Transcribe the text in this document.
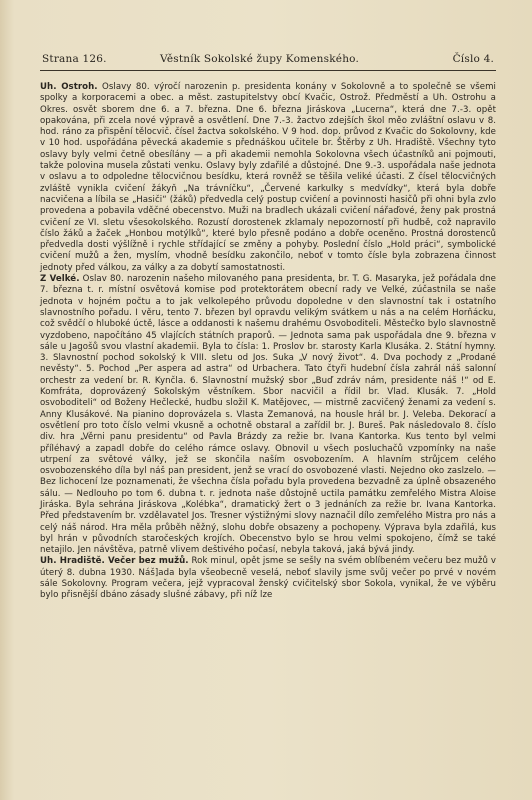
Strana 126.	Věstník Sokolské župy Komenského.	Číslo 4.

Uh. Ostroh. Oslavy 80. výročí narozenin p. presidenta konány v Sokolovně a to společně se všemi spolky a korporacemi a obec. a měst. zastupitelstvy obcí Kvačic, Ostrož. Předměstí a Uh. Ostrohu a Okres. osvět sborem dne 6. a 7. března. Dne 6. března Jiráskova „Lucerna“, která dne 7.-3. opět opakována, při zcela nové výpravě a osvětlení. Dne 7.-3. žactvo zdejších škol měo zvláštní oslavu v 8. hod. ráno za přispění tělocvič. čísel žactva sokolského. V 9 hod. dop. průvod z Kvačic do Sokolovny, kde v 10 hod. uspořádána pěvecká akademie s přednáškou učitele br. Štěrby z Uh. Hradiště. Všechny tyto oslavy byly velmi četně obesílány — a při akademii nemohla Sokolovna všech účastníků ani pojmouti, takže polovina musela zůstati venku. Oslavy byly zdařilé a důstojné. Dne 9.-3. uspořádala naše jednota v oslavu a to odpoledne tělocvičnou besídku, která rovněž se těšila veliké účasti. Z čísel tělocvičných zvláště vynikla cvičení žákyň „Na trávníčku“, „Červené karkulky s medvídky“, která byla dobře nacvičena a líbila se „Hasiči“ (žáků) předvedla celý postup cvičení a povinnosti hasičů při ohni byla zvlo provedena a pobavila vděčné obecenstvo. Muži na bradlech ukázali cvičení nářaďové, ženy pak prostná cvičení ze VI. sletu všesokolského. Rozustí dorostenek zklamaly nepozorností při hudbě, což napravilo číslo žáků a žaček „Honbou motýlků“, které bylo přesně podáno a dobře oceněno. Prostná dorostenců předvedla dosti výšlížně i rychle střídající se změny a pohyby. Poslední číslo „Hold práci“, symbolické cvičení mužů a žen, myslím, vhodně besídku zakončilo, neboť v tomto čísle byla zobrazena činnost jednoty před válkou, za války a za dobytí samostatnosti.

Z Velké. Oslav 80. narozenin našeho milovaného pana presidenta, br. T. G. Masaryka, jež pořádala dne 7. března t. r. místní osvětová komise pod protektorátem obecní rady ve Velké, zúčastnila se naše jednota v hojném počtu a to jak velkolepého průvodu dopoledne v den slavnostní tak i ostatního slavnostního pořadu. I věru, tento 7. březen byl opravdu velikým svátkem u nás a na celém Horňácku, což svědčí o hluboké úctě, lásce a oddanosti k našemu drahému Osvoboditeli. Městečko bylo slavnostně vyzdobeno, napočítáno 45 vlajících státních praporů. — Jednota sama pak uspořádala dne 9. března v sále u Jagošů svou vlastní akademii. Byla to čísla: 1. Proslov br. starosty Karla Klusáka. 2. Státní hymny. 3. Slavnostní pochod sokolský k VIII. sletu od Jos. Suka „V nový život“. 4. Dva pochody z „Prodané nevěsty“. 5. Pochod „Per aspera ad astra“ od Urbachera. Tato čtyři hudební čísla zahrál náš salonní orchestr za vedení br. R. Kynčla. 6. Slavnostní mužský sbor „Buď zdráv nám, presidente náš !“ od E. Komfráta, doprovázený Sokolským věstníkem. Sbor nacvičil a řídil br. Vlad. Klusák. 7. „Hold osvoboditeli“ od Boženy Hečlecké, hudbu složil K. Matějovec, — mistrně zacvičený ženami za vedení s. Anny Klusákové. Na pianino doprovázela s. Vlasta Zemanová, na housle hrál br. J. Veleba. Dekorací a osvětlení pro toto číslo velmi vkusně a ochotně obstaral a zařídil br. J. Bureš. Pak následovalo 8. číslo div. hra „Věrni panu presidentu“ od Pavla Brázdy za režie br. Ivana Kantorka. Kus tento byl velmi příléhavý a zapadl dobře do celého rámce oslavy. Obnovil u všech posluchačů vzpomínky na naše utrpení za světové války, jež se skončila naším osvobozením. A hlavním strůjcem celého osvobozenského díla byl náš pan president, jenž se vrací do osvobozené vlasti. Nejedno oko zaslzelo. — Bez lichocení lze poznamenati, že všechna čísla pořadu byla provedena bezvadně za úplně obsazeného sálu. — Nedlouho po tom 6. dubna t. r. jednota naše důstojně uctila památku zemřelého Mistra Aloise Jiráska. Byla sehrána Jiráskova „Kolébka“, dramatický žert o 3 jednáních za režie br. Ivana Kantorka. Před představením br. vzdělavatel Jos. Tresner výstižnými slovy naznačil dílo zemřelého Mistra pro nás a celý náš národ. Hra měla průběh něžný, slohu dobře obsazeny a pochopeny. Výprava byla zdařilá, kus byl hrán v původních staročeských krojích. Obecenstvo bylo se hrou velmi spokojeno, čímž se také netajilo. Jen návštěva, patrně vlivem deštivého počasí, nebyla taková, jaká bývá jindy.

Uh. Hradiště. Večer bez mužů. Rok minul, opět jsme se sešly na svém oblíbeném večeru bez mužů v úterý 8. dubna 1930. Náš]ada byla všeobecně veselá, neboť slavily jsme svůj večer po prvé v novém sále Sokolovny. Program večera, jejž vypracoval ženský cvičitelský sbor Sokola, vynikal, že ve výběru bylo přisnější dbáno zásady slušné zábavy, při níž lze
